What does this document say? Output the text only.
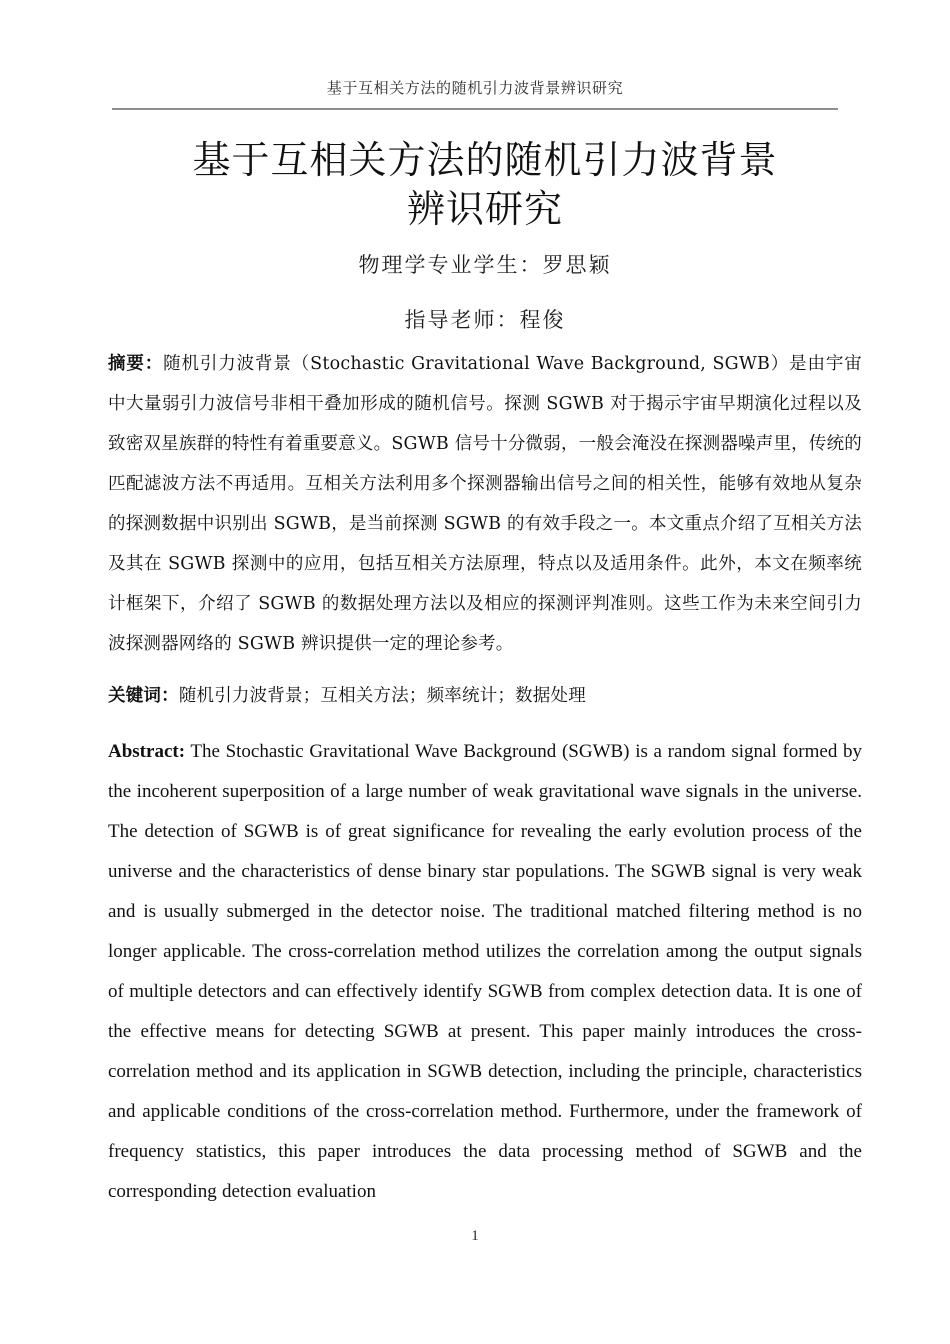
基于互相关方法的随机引力波背景辨识研究
基于互相关方法的随机引力波背景
辨识研究
物理学专业学生：罗思颖
指导老师：程俊

摘要：随机引力波背景（Stochastic Gravitational Wave Background, SGWB）是由宇宙中大量弱引力波信号非相干叠加形成的随机信号。探测 SGWB 对于揭示宇宙早期演化过程以及致密双星族群的特性有着重要意义。SGWB 信号十分微弱，一般会淹没在探测器噪声里，传统的匹配滤波方法不再适用。互相关方法利用多个探测器输出信号之间的相关性，能够有效地从复杂的探测数据中识别出 SGWB，是当前探测 SGWB 的有效手段之一。本文重点介绍了互相关方法及其在 SGWB 探测中的应用，包括互相关方法原理，特点以及适用条件。此外，本文在频率统计框架下，介绍了 SGWB 的数据处理方法以及相应的探测评判准则。这些工作为未来空间引力波探测器网络的 SGWB 辨识提供一定的理论参考。

关键词：随机引力波背景；互相关方法；频率统计；数据处理

Abstract: The Stochastic Gravitational Wave Background (SGWB) is a random signal formed by the incoherent superposition of a large number of weak gravitational wave signals in the universe. The detection of SGWB is of great significance for revealing the early evolution process of the universe and the characteristics of dense binary star populations. The SGWB signal is very weak and is usually submerged in the detector noise. The traditional matched filtering method is no longer applicable. The cross-correlation method utilizes the correlation among the output signals of multiple detectors and can effectively identify SGWB from complex detection data. It is one of the effective means for detecting SGWB at present. This paper mainly introduces the cross-correlation method and its application in SGWB detection, including the principle, characteristics and applicable conditions of the cross-correlation method. Furthermore, under the framework of frequency statistics, this paper introduces the data processing method of SGWB and the corresponding detection evaluation

1
